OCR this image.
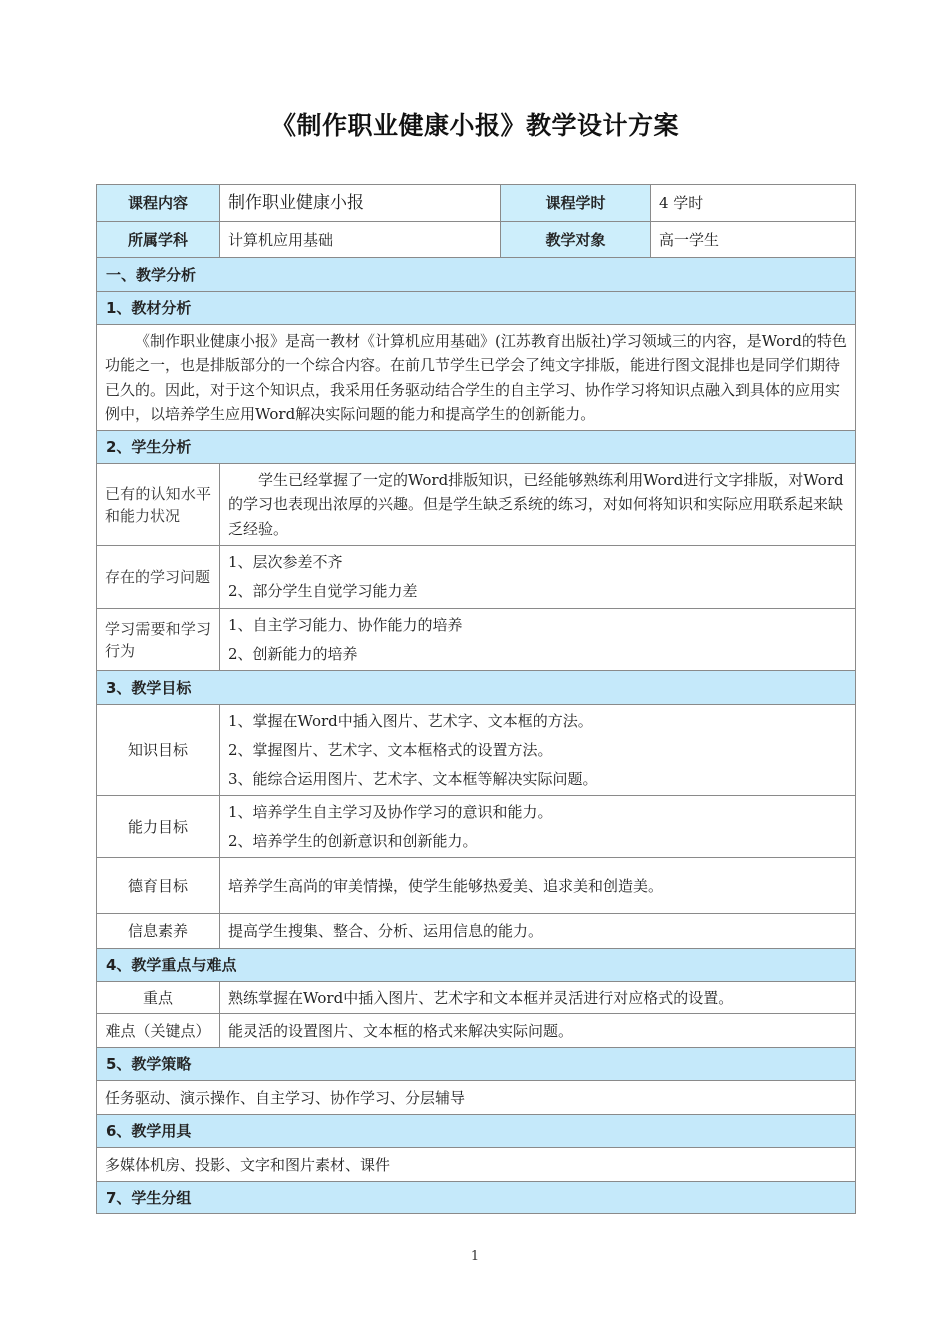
《制作职业健康小报》教学设计方案
课程内容	制作职业健康小报	课程学时	4 学时
所属学科	计算机应用基础	教学对象	高一学生
一、教学分析			
1、教材分析			
《制作职业健康小报》是高一教材《计算机应用基础》(江苏教育出版社)学习领域三的内容，是Word的特色功能之一，也是排版部分的一个综合内容。在前几节学生已学会了纯文字排版，能进行图文混排也是同学们期待已久的。因此，对于这个知识点，我采用任务驱动结合学生的自主学习、协作学习将知识点融入到具体的应用实例中，以培养学生应用Word解决实际问题的能力和提高学生的创新能力。			
2、学生分析			
已有的认知水平和能力状况	学生已经掌握了一定的Word排版知识，已经能够熟练利用Word进行文字排版，对Word的学习也表现出浓厚的兴趣。但是学生缺乏系统的练习，对如何将知识和实际应用联系起来缺乏经验。		
存在的学习问题	1、层次参差不齐
2、部分学生自觉学习能力差		

学习需要和学习行为	1、自主学习能力、协作能力的培养
2、创新能力的培养		

3、教学目标			
知识目标	1、掌握在Word中插入图片、艺术字、文本框的方法。
2、掌握图片、艺术字、文本框格式的设置方法。
3、能综合运用图片、艺术字、文本框等解决实际问题。		

能力目标	1、培养学生自主学习及协作学习的意识和能力。
2、培养学生的创新意识和创新能力。		

德育目标	培养学生高尚的审美情操，使学生能够热爱美、追求美和创造美。		
信息素养	提高学生搜集、整合、分析、运用信息的能力。		
4、教学重点与难点			
重点	熟练掌握在Word中插入图片、艺术字和文本框并灵活进行对应格式的设置。		
难点（关键点）	能灵活的设置图片、文本框的格式来解决实际问题。		
5、教学策略			
任务驱动、演示操作、自主学习、协作学习、分层辅导			
6、教学用具			
多媒体机房、投影、文字和图片素材、课件			
7、学生分组			
1
